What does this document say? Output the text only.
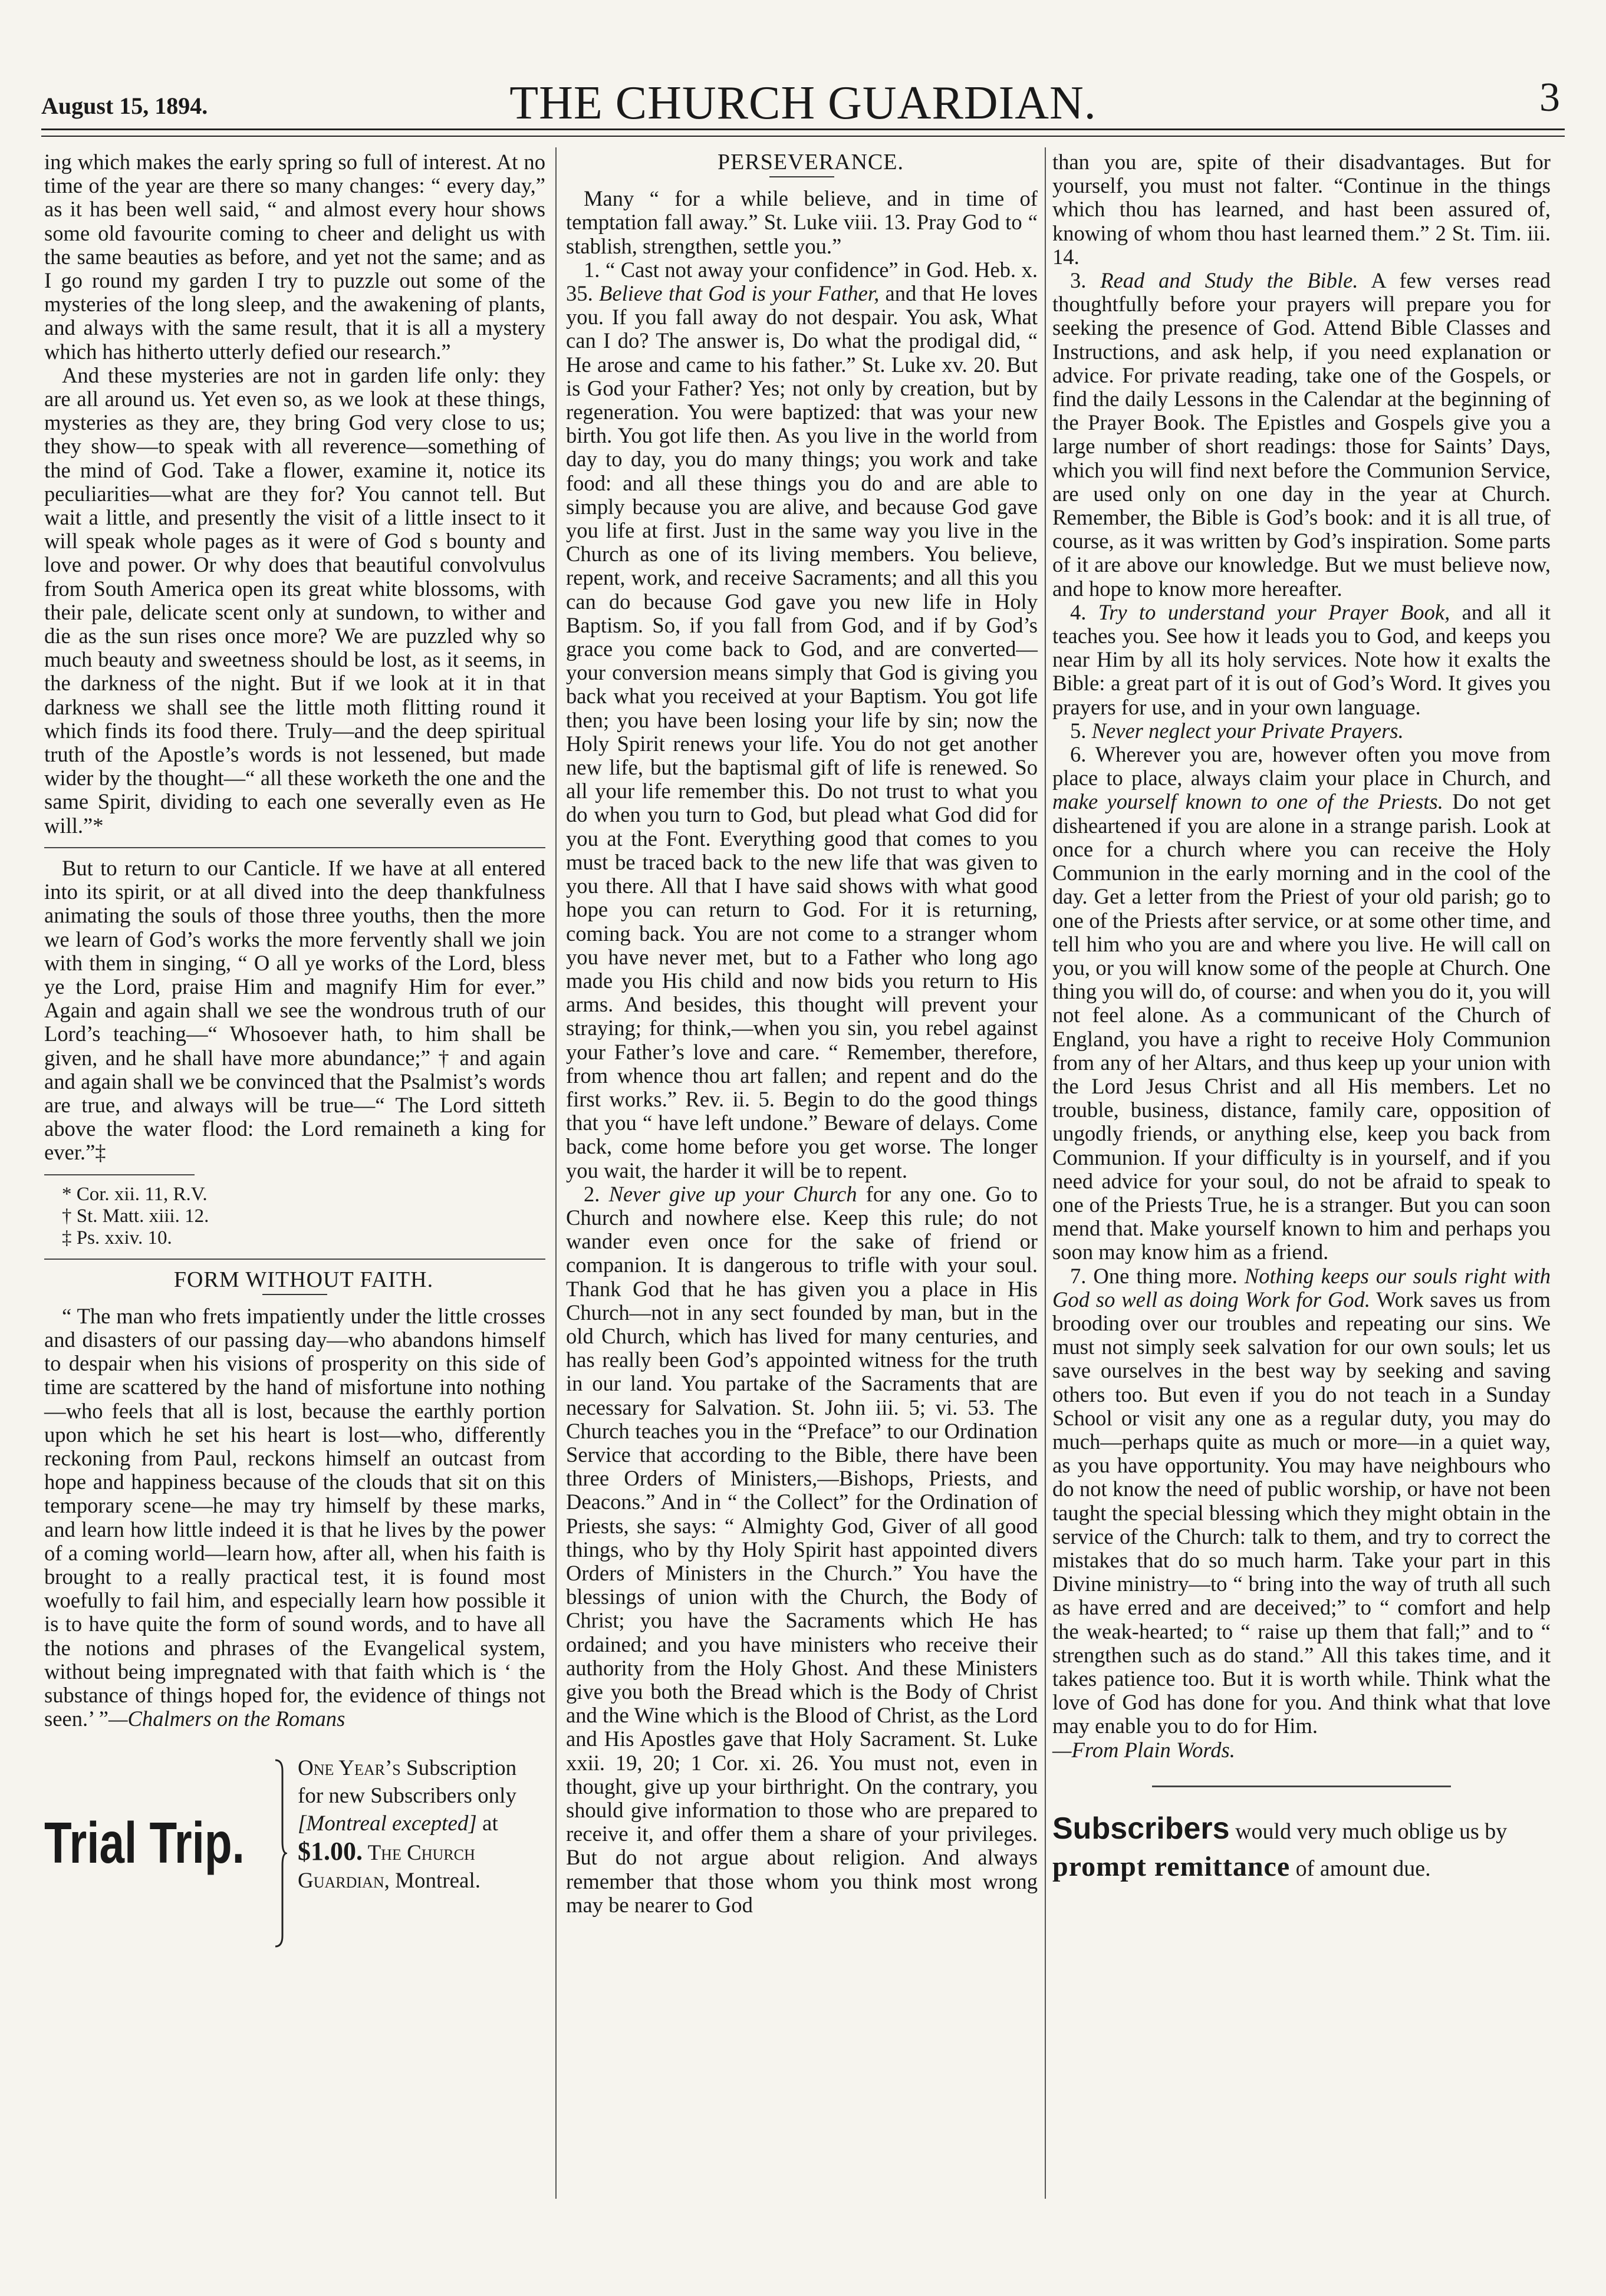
August 15, 1894.	THE CHURCH GUARDIAN.	3

ing which makes the early spring so full of interest. At no time of the year are there so many changes: “ every day,” as it has been well said, “ and almost every hour shows some old favourite coming to cheer and delight us with the same beauties as before, and yet not the same; and as I go round my garden I try to puzzle out some of the mysteries of the long sleep, and the awakening of plants, and always with the same result, that it is all a mystery which has hitherto utterly defied our research.”

And these mysteries are not in garden life only: they are all around us. Yet even so, as we look at these things, mysteries as they are, they bring God very close to us; they show—to speak with all reverence—something of the mind of God. Take a flower, examine it, notice its peculiarities—what are they for? You cannot tell. But wait a little, and presently the visit of a little insect to it will speak whole pages as it were of God s bounty and love and power. Or why does that beautiful convolvulus from South America open its great white blossoms, with their pale, delicate scent only at sundown, to wither and die as the sun rises once more? We are puzzled why so much beauty and sweetness should be lost, as it seems, in the darkness of the night. But if we look at it in that darkness we shall see the little moth flitting round it which finds its food there. Truly—and the deep spiritual truth of the Apostle’s words is not lessened, but made wider by the thought—“ all these worketh the one and the same Spirit, dividing to each one severally even as He will.”*

But to return to our Canticle. If we have at all entered into its spirit, or at all dived into the deep thankfulness animating the souls of those three youths, then the more we learn of God’s works the more fervently shall we join with them in singing, “ O all ye works of the Lord, bless ye the Lord, praise Him and magnify Him for ever.” Again and again shall we see the wondrous truth of our Lord’s teaching—“ Whosoever hath, to him shall be given, and he shall have more abundance;” † and again and again shall we be convinced that the Psalmist’s words are true, and always will be true—“ The Lord sitteth above the water flood: the Lord remaineth a king for ever.”‡

* Cor. xii. 11, R.V.

† St. Matt. xiii. 12.

‡ Ps. xxiv. 10.

FORM WITHOUT FAITH.

“ The man who frets impatiently under the little crosses and disasters of our passing day—who abandons himself to despair when his visions of prosperity on this side of time are scattered by the hand of misfortune into nothing—who feels that all is lost, because the earthly portion upon which he set his heart is lost—who, differently reckoning from Paul, reckons himself an outcast from hope and happiness because of the clouds that sit on this temporary scene—he may try himself by these marks, and learn how little indeed it is that he lives by the power of a coming world—learn how, after all, when his faith is brought to a really practical test, it is found most woefully to fail him, and especially learn how possible it is to have quite the form of sound words, and to have all the notions and phrases of the Evangelical system, without being impregnated with that faith which is ‘ the substance of things hoped for, the evidence of things not seen.’ ”—Chalmers on the Romans

Trial Trip.
One Year’s Subscription for new Subscribers only [Montreal excepted] at $1.00. The Church Guardian, Montreal.

PERSEVERANCE.

Many “ for a while believe, and in time of temptation fall away.” St. Luke viii. 13. Pray God to “ stablish, strengthen, settle you.”

1. “ Cast not away your confidence” in God. Heb. x. 35. Believe that God is your Father, and that He loves you. If you fall away do not despair. You ask, What can I do? The answer is, Do what the prodigal did, “ He arose and came to his father.” St. Luke xv. 20. But is God your Father? Yes; not only by creation, but by regeneration. You were baptized: that was your new birth. You got life then. As you live in the world from day to day, you do many things; you work and take food: and all these things you do and are able to simply because you are alive, and because God gave you life at first. Just in the same way you live in the Church as one of its living members. You believe, repent, work, and receive Sacraments; and all this you can do because God gave you new life in Holy Baptism. So, if you fall from God, and if by God’s grace you come back to God, and are converted—your conversion means simply that God is giving you back what you received at your Baptism. You got life then; you have been losing your life by sin; now the Holy Spirit renews your life. You do not get another new life, but the baptismal gift of life is renewed. So all your life remember this. Do not trust to what you do when you turn to God, but plead what God did for you at the Font. Everything good that comes to you must be traced back to the new life that was given to you there. All that I have said shows with what good hope you can return to God. For it is returning, coming back. You are not come to a stranger whom you have never met, but to a Father who long ago made you His child and now bids you return to His arms. And besides, this thought will prevent your straying; for think,—when you sin, you rebel against your Father’s love and care. “ Remember, therefore, from whence thou art fallen; and repent and do the first works.” Rev. ii. 5. Begin to do the good things that you “ have left undone.” Beware of delays. Come back, come home before you get worse. The longer you wait, the harder it will be to repent.

2. Never give up your Church for any one. Go to Church and nowhere else. Keep this rule; do not wander even once for the sake of friend or companion. It is dangerous to trifle with your soul. Thank God that he has given you a place in His Church—not in any sect founded by man, but in the old Church, which has lived for many centuries, and has really been God’s appointed witness for the truth in our land. You partake of the Sacraments that are necessary for Salvation. St. John iii. 5; vi. 53. The Church teaches you in the “Preface” to our Ordination Service that according to the Bible, there have been three Orders of Ministers,—Bishops, Priests, and Deacons.” And in “ the Collect” for the Ordination of Priests, she says: “ Almighty God, Giver of all good things, who by thy Holy Spirit hast appointed divers Orders of Ministers in the Church.” You have the blessings of union with the Church, the Body of Christ; you have the Sacraments which He has ordained; and you have ministers who receive their authority from the Holy Ghost. And these Ministers give you both the Bread which is the Body of Christ and the Wine which is the Blood of Christ, as the Lord and His Apostles gave that Holy Sacrament. St. Luke xxii. 19, 20; 1 Cor. xi. 26. You must not, even in thought, give up your birthright. On the contrary, you should give information to those who are prepared to receive it, and offer them a share of your privileges. But do not argue about religion. And always remember that those whom you think most wrong may be nearer to God

than you are, spite of their disadvantages. But for yourself, you must not falter. “Continue in the things which thou has learned, and hast been assured of, knowing of whom thou hast learned them.” 2 St. Tim. iii. 14.

3. Read and Study the Bible. A few verses read thoughtfully before your prayers will prepare you for seeking the presence of God. Attend Bible Classes and Instructions, and ask help, if you need explanation or advice. For private reading, take one of the Gospels, or find the daily Lessons in the Calendar at the beginning of the Prayer Book. The Epistles and Gospels give you a large number of short readings: those for Saints’ Days, which you will find next before the Communion Service, are used only on one day in the year at Church. Remember, the Bible is God’s book: and it is all true, of course, as it was written by God’s inspiration. Some parts of it are above our knowledge. But we must believe now, and hope to know more hereafter.

4. Try to understand your Prayer Book, and all it teaches you. See how it leads you to God, and keeps you near Him by all its holy services. Note how it exalts the Bible: a great part of it is out of God’s Word. It gives you prayers for use, and in your own language.

5. Never neglect your Private Prayers.

6. Wherever you are, however often you move from place to place, always claim your place in Church, and make yourself known to one of the Priests. Do not get disheartened if you are alone in a strange parish. Look at once for a church where you can receive the Holy Communion in the early morning and in the cool of the day. Get a letter from the Priest of your old parish; go to one of the Priests after service, or at some other time, and tell him who you are and where you live. He will call on you, or you will know some of the people at Church. One thing you will do, of course: and when you do it, you will not feel alone. As a communicant of the Church of England, you have a right to receive Holy Communion from any of her Altars, and thus keep up your union with the Lord Jesus Christ and all His members. Let no trouble, business, distance, family care, opposition of ungodly friends, or anything else, keep you back from Communion. If your difficulty is in yourself, and if you need advice for your soul, do not be afraid to speak to one of the Priests True, he is a stranger. But you can soon mend that. Make yourself known to him and perhaps you soon may know him as a friend.

7. One thing more. Nothing keeps our souls right with God so well as doing Work for God. Work saves us from brooding over our troubles and repeating our sins. We must not simply seek salvation for our own souls; let us save ourselves in the best way by seeking and saving others too. But even if you do not teach in a Sunday School or visit any one as a regular duty, you may do much—perhaps quite as much or more—in a quiet way, as you have opportunity. You may have neighbours who do not know the need of public worship, or have not been taught the special blessing which they might obtain in the service of the Church: talk to them, and try to correct the mistakes that do so much harm. Take your part in this Divine ministry—to “ bring into the way of truth all such as have erred and are deceived;” to “ comfort and help the weak-hearted; to “ raise up them that fall;” and to “ strengthen such as do stand.” All this takes time, and it takes patience too. But it is worth while. Think what the love of God has done for you. And think what that love may enable you to do for Him.

—From Plain Words.

Subscribers would very much oblige us by prompt remittance of amount due.
